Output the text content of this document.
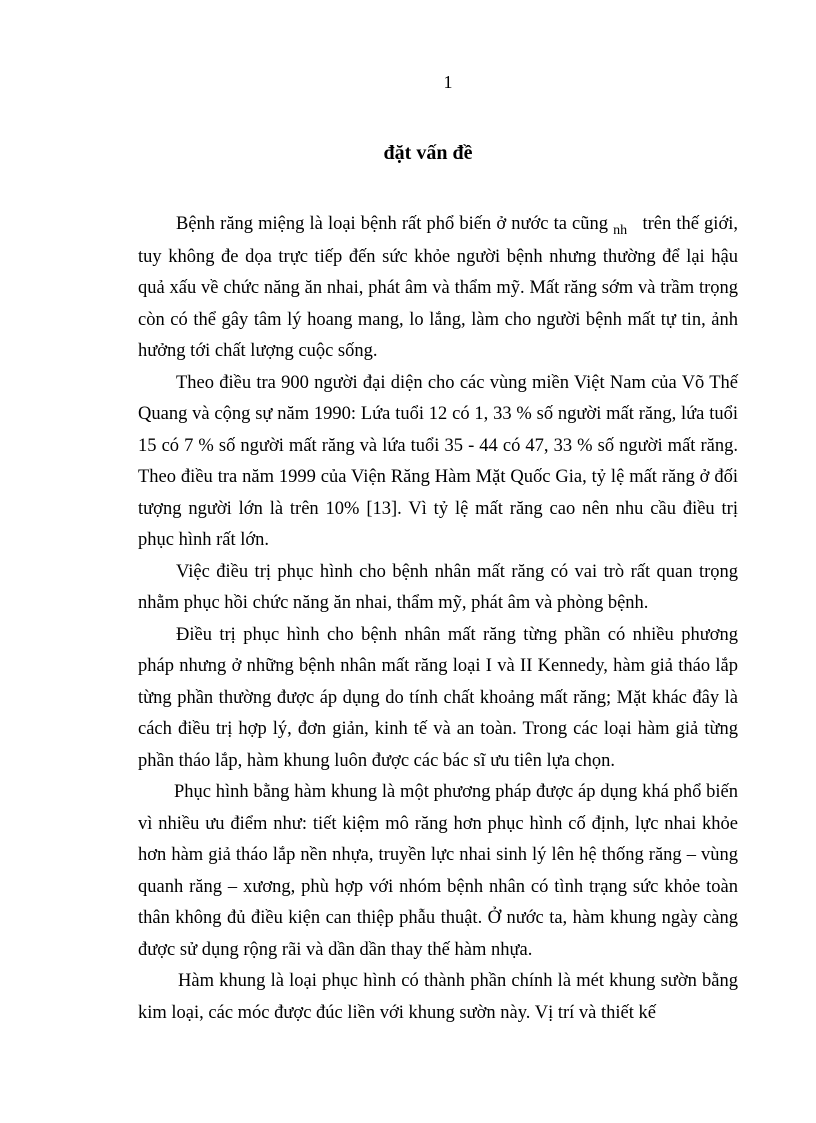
1
đặt vấn đề

Bệnh răng miệng là loại bệnh rất phổ biến ở nước ta cũng $_{nh}$   trên thế giới, tuy không đe dọa trực tiếp đến sức khỏe người bệnh nhưng thường để lại hậu quả xấu về chức năng ăn nhai, phát âm và thẩm mỹ. Mất răng sớm và trầm trọng còn có thể gây tâm lý hoang mang, lo lắng, làm cho người bệnh mất tự tin, ảnh hưởng tới chất lượng cuộc sống.

Theo điều tra 900 người đại diện cho các vùng miền Việt Nam của Võ Thế Quang và cộng sự năm 1990: Lứa tuổi 12 có 1, 33 % số người mất răng, lứa tuổi 15 có 7 % số người mất răng và lứa tuổi 35 - 44 có 47, 33 % số người mất răng. Theo điều tra năm 1999 của Viện Răng Hàm Mặt Quốc Gia, tỷ lệ mất răng ở đối tượng người lớn là trên 10% [13]. Vì tỷ lệ mất răng cao nên nhu cầu điều trị phục hình rất lớn.

Việc điều trị phục hình cho bệnh nhân mất răng có vai trò rất quan trọng nhằm phục hồi chức năng ăn nhai, thẩm mỹ, phát âm và phòng bệnh.

Điều trị phục hình cho bệnh nhân mất răng từng phần có nhiều phương pháp nhưng ở những bệnh nhân mất răng loại I và II Kennedy, hàm giả tháo lắp từng phần thường được áp dụng do tính chất khoảng mất răng; Mặt khác đây là cách điều trị hợp lý, đơn giản, kinh tế và an toàn. Trong các loại hàm giả từng phần tháo lắp, hàm khung luôn được các bác sĩ ưu tiên lựa chọn.

Phục hình bằng hàm khung là một phương pháp được áp dụng khá phổ biến vì nhiều ưu điểm như: tiết kiệm mô răng hơn phục hình cố định, lực nhai khỏe hơn hàm giả tháo lắp nền nhựa, truyền lực nhai sinh lý lên hệ thống răng – vùng quanh răng – xương, phù hợp với nhóm bệnh nhân có tình trạng sức khỏe toàn thân không đủ điều kiện can thiệp phẫu thuật. Ở nước ta, hàm khung ngày càng được sử dụng rộng rãi và dần dần thay thế hàm nhựa.

Hàm khung là loại phục hình có thành phần chính là mét khung sườn bằng kim loại, các móc được đúc liền với khung sườn này. Vị trí và thiết kế
